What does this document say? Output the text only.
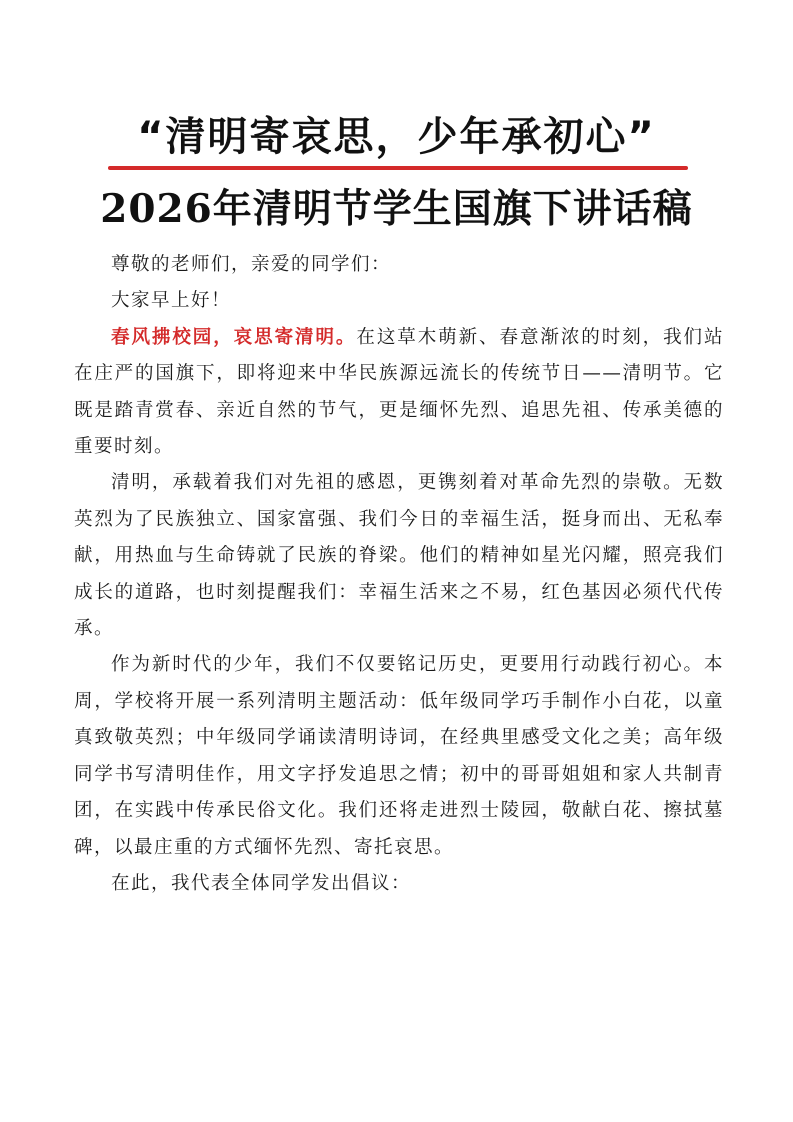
“清明寄哀思，少年承初心”
2026年清明节学生国旗下讲话稿

尊敬的老师们，亲爱的同学们：

大家早上好！

春风拂校园，哀思寄清明。在这草木萌新、春意渐浓的时刻，我们站在庄严的国旗下，即将迎来中华民族源远流长的传统节日——清明节。它既是踏青赏春、亲近自然的节气，更是缅怀先烈、追思先祖、传承美德的重要时刻。

清明，承载着我们对先祖的感恩，更镌刻着对革命先烈的崇敬。无数英烈为了民族独立、国家富强、我们今日的幸福生活，挺身而出、无私奉献，用热血与生命铸就了民族的脊梁。他们的精神如星光闪耀，照亮我们成长的道路，也时刻提醒我们：幸福生活来之不易，红色基因必须代代传承。

作为新时代的少年，我们不仅要铭记历史，更要用行动践行初心。本周，学校将开展一系列清明主题活动：低年级同学巧手制作小白花，以童真致敬英烈；中年级同学诵读清明诗词，在经典里感受文化之美；高年级同学书写清明佳作，用文字抒发追思之情；初中的哥哥姐姐和家人共制青团，在实践中传承民俗文化。我们还将走进烈士陵园，敬献白花、擦拭墓碑，以最庄重的方式缅怀先烈、寄托哀思。

在此，我代表全体同学发出倡议：
